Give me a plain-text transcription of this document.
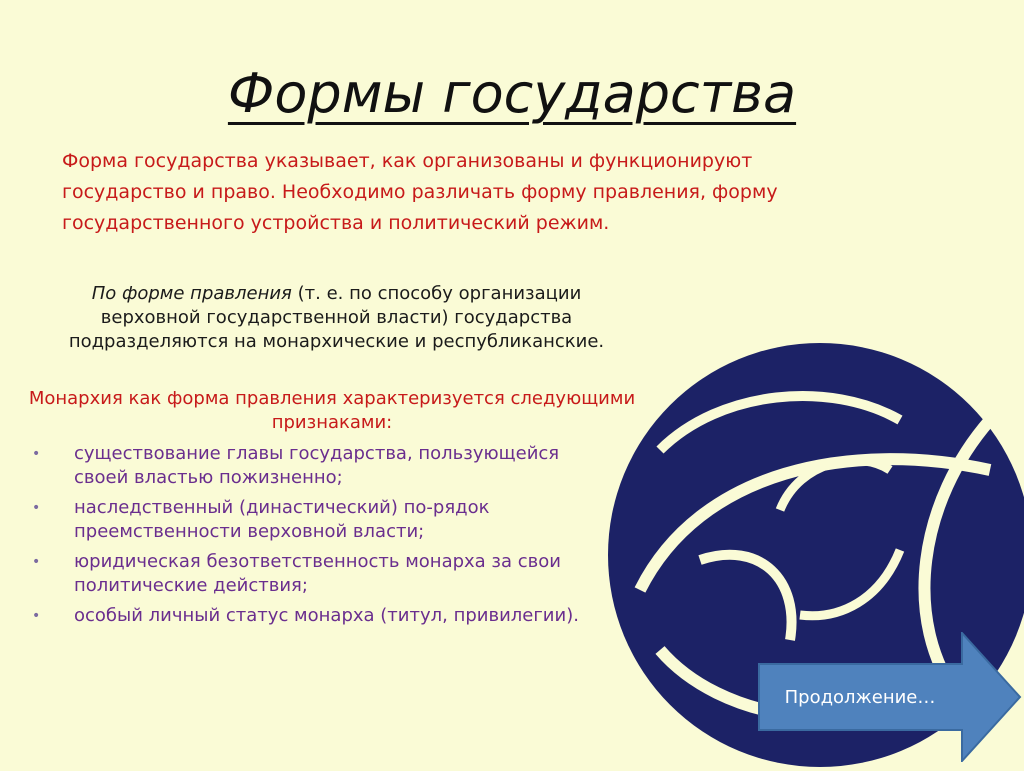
Формы государства

Форма государства указывает, как организованы и функционируют государство и право. Необходимо различать форму правления, форму государственного устройства и политический режим.

По форме правления (т. е. по способу организации верховной государственной власти) государства подразделяются на монархические и республиканские.

Монархия как форма правления характеризуется следующими признаками:

• существование главы государства, пользующейся своей властью пожизненно;
• наследственный (династический) по-рядок преемственности верховной власти;
• юридическая безответственность монарха за свои политические действия;
• особый личный статус монарха (титул, привилегии).
Продолжение…
